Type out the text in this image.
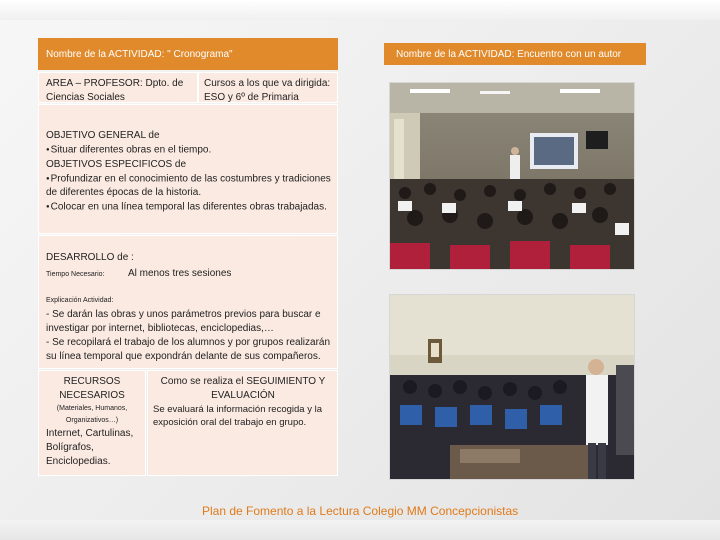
Nombre de la ACTIVIDAD: " Cronograma"
AREA – PROFESOR: Dpto. de Ciencias Sociales
Cursos a los que va dirigida: ESO y 6º de Primaria
OBJETIVO GENERAL de
● Situar diferentes obras en el tiempo.
OBJETIVOS ESPECIFICOS de
● Profundizar en el conocimiento de las costumbres y tradiciones
de diferentes épocas de la historia.
● Colocar en una línea temporal las diferentes obras trabajadas.
DESARROLLO de :
Tiempo Necesario:	Al menos tres sesiones
Explicación Actividad:
- Se darán las obras y unos parámetros previos para buscar e
investigar por internet, bibliotecas, enciclopedias,…
- Se recopilará el trabajo de los alumnos y por grupos realizarán
su línea temporal que expondrán delante de sus compañeros.
RECURSOS
NECESARIOS
(Materiales, Humanos,
Organizativos…)
Internet, Cartulinas,
Bolígrafos,
Enciclopedias.
Como se realiza el SEGUIMIENTO Y
EVALUACIÓN
Se evaluará la información recogida y la
exposición oral del trabajo en grupo.
Nombre de la ACTIVIDAD: Encuentro con un autor
Plan de Fomento a la Lectura Colegio MM Concepcionistas
